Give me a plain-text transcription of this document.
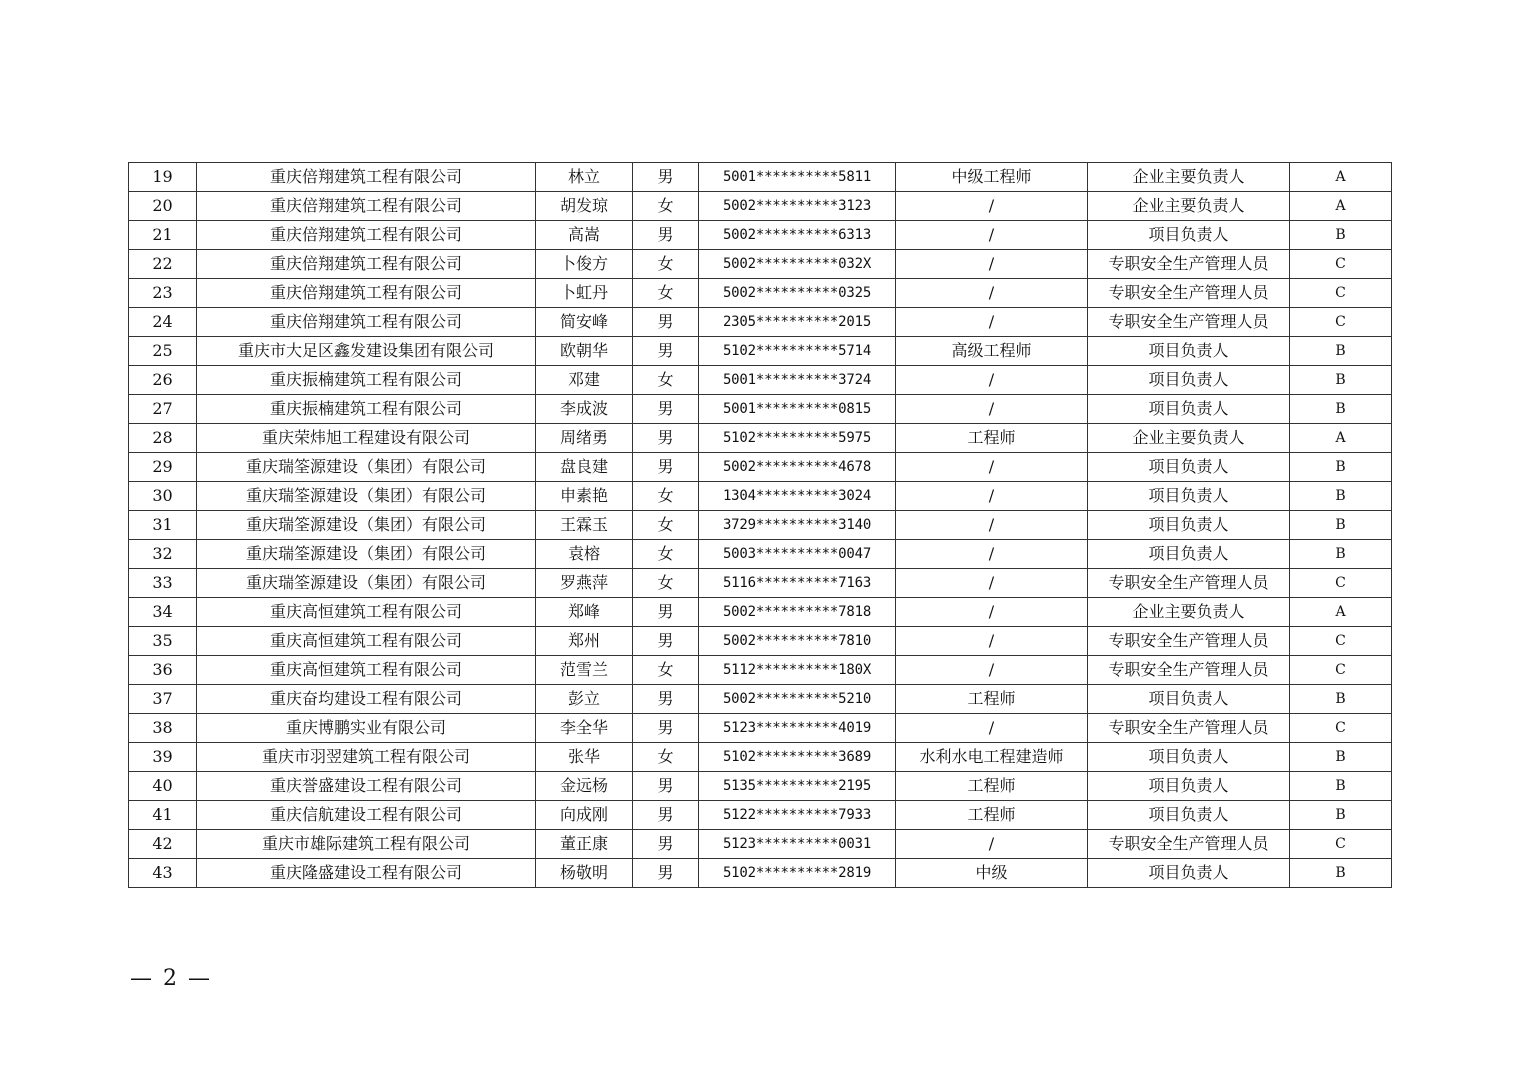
19	重庆倍翔建筑工程有限公司	林立	男	5001**********5811	中级工程师	企业主要负责人	A
20	重庆倍翔建筑工程有限公司	胡发琼	女	5002**********3123	/	企业主要负责人	A
21	重庆倍翔建筑工程有限公司	高嵩	男	5002**********6313	/	项目负责人	B
22	重庆倍翔建筑工程有限公司	卜俊方	女	5002**********032X	/	专职安全生产管理人员	C
23	重庆倍翔建筑工程有限公司	卜虹丹	女	5002**********0325	/	专职安全生产管理人员	C
24	重庆倍翔建筑工程有限公司	简安峰	男	2305**********2015	/	专职安全生产管理人员	C
25	重庆市大足区鑫发建设集团有限公司	欧朝华	男	5102**********5714	高级工程师	项目负责人	B
26	重庆振楠建筑工程有限公司	邓建	女	5001**********3724	/	项目负责人	B
27	重庆振楠建筑工程有限公司	李成波	男	5001**********0815	/	项目负责人	B
28	重庆荣炜旭工程建设有限公司	周绪勇	男	5102**********5975	工程师	企业主要负责人	A
29	重庆瑞筌源建设（集团）有限公司	盘良建	男	5002**********4678	/	项目负责人	B
30	重庆瑞筌源建设（集团）有限公司	申素艳	女	1304**********3024	/	项目负责人	B
31	重庆瑞筌源建设（集团）有限公司	王霖玉	女	3729**********3140	/	项目负责人	B
32	重庆瑞筌源建设（集团）有限公司	袁榕	女	5003**********0047	/	项目负责人	B
33	重庆瑞筌源建设（集团）有限公司	罗燕萍	女	5116**********7163	/	专职安全生产管理人员	C
34	重庆高恒建筑工程有限公司	郑峰	男	5002**********7818	/	企业主要负责人	A
35	重庆高恒建筑工程有限公司	郑州	男	5002**********7810	/	专职安全生产管理人员	C
36	重庆高恒建筑工程有限公司	范雪兰	女	5112**********180X	/	专职安全生产管理人员	C
37	重庆奋均建设工程有限公司	彭立	男	5002**********5210	工程师	项目负责人	B
38	重庆博鹏实业有限公司	李全华	男	5123**********4019	/	专职安全生产管理人员	C
39	重庆市羽翌建筑工程有限公司	张华	女	5102**********3689	水利水电工程建造师	项目负责人	B
40	重庆誉盛建设工程有限公司	金远杨	男	5135**********2195	工程师	项目负责人	B
41	重庆信航建设工程有限公司	向成刚	男	5122**********7933	工程师	项目负责人	B
42	重庆市雄际建筑工程有限公司	董正康	男	5123**********0031	/	专职安全生产管理人员	C
43	重庆隆盛建设工程有限公司	杨敬明	男	5102**********2819	中级	项目负责人	B
— 2 —
